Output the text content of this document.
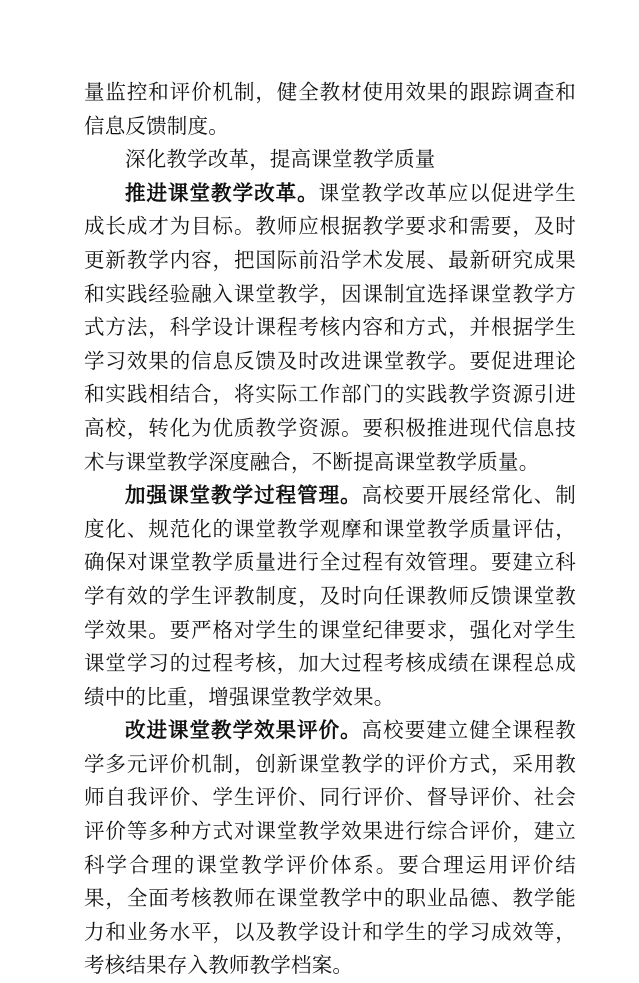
量监控和评价机制，健全教材使用效果的跟踪调查和信息反馈制度。

深化教学改革，提高课堂教学质量

推进课堂教学改革。课堂教学改革应以促进学生成长成才为目标。教师应根据教学要求和需要，及时更新教学内容，把国际前沿学术发展、最新研究成果和实践经验融入课堂教学，因课制宜选择课堂教学方式方法，科学设计课程考核内容和方式，并根据学生学习效果的信息反馈及时改进课堂教学。要促进理论和实践相结合，将实际工作部门的实践教学资源引进高校，转化为优质教学资源。要积极推进现代信息技术与课堂教学深度融合，不断提高课堂教学质量。

加强课堂教学过程管理。高校要开展经常化、制度化、规范化的课堂教学观摩和课堂教学质量评估，确保对课堂教学质量进行全过程有效管理。要建立科学有效的学生评教制度，及时向任课教师反馈课堂教学效果。要严格对学生的课堂纪律要求，强化对学生课堂学习的过程考核，加大过程考核成绩在课程总成绩中的比重，增强课堂教学效果。

改进课堂教学效果评价。高校要建立健全课程教学多元评价机制，创新课堂教学的评价方式，采用教师自我评价、学生评价、同行评价、督导评价、社会评价等多种方式对课堂教学效果进行综合评价，建立科学合理的课堂教学评价体系。要合理运用评价结果，全面考核教师在课堂教学中的职业品德、教学能力和业务水平，以及教学设计和学生的学习成效等，考核结果存入教师教学档案。
